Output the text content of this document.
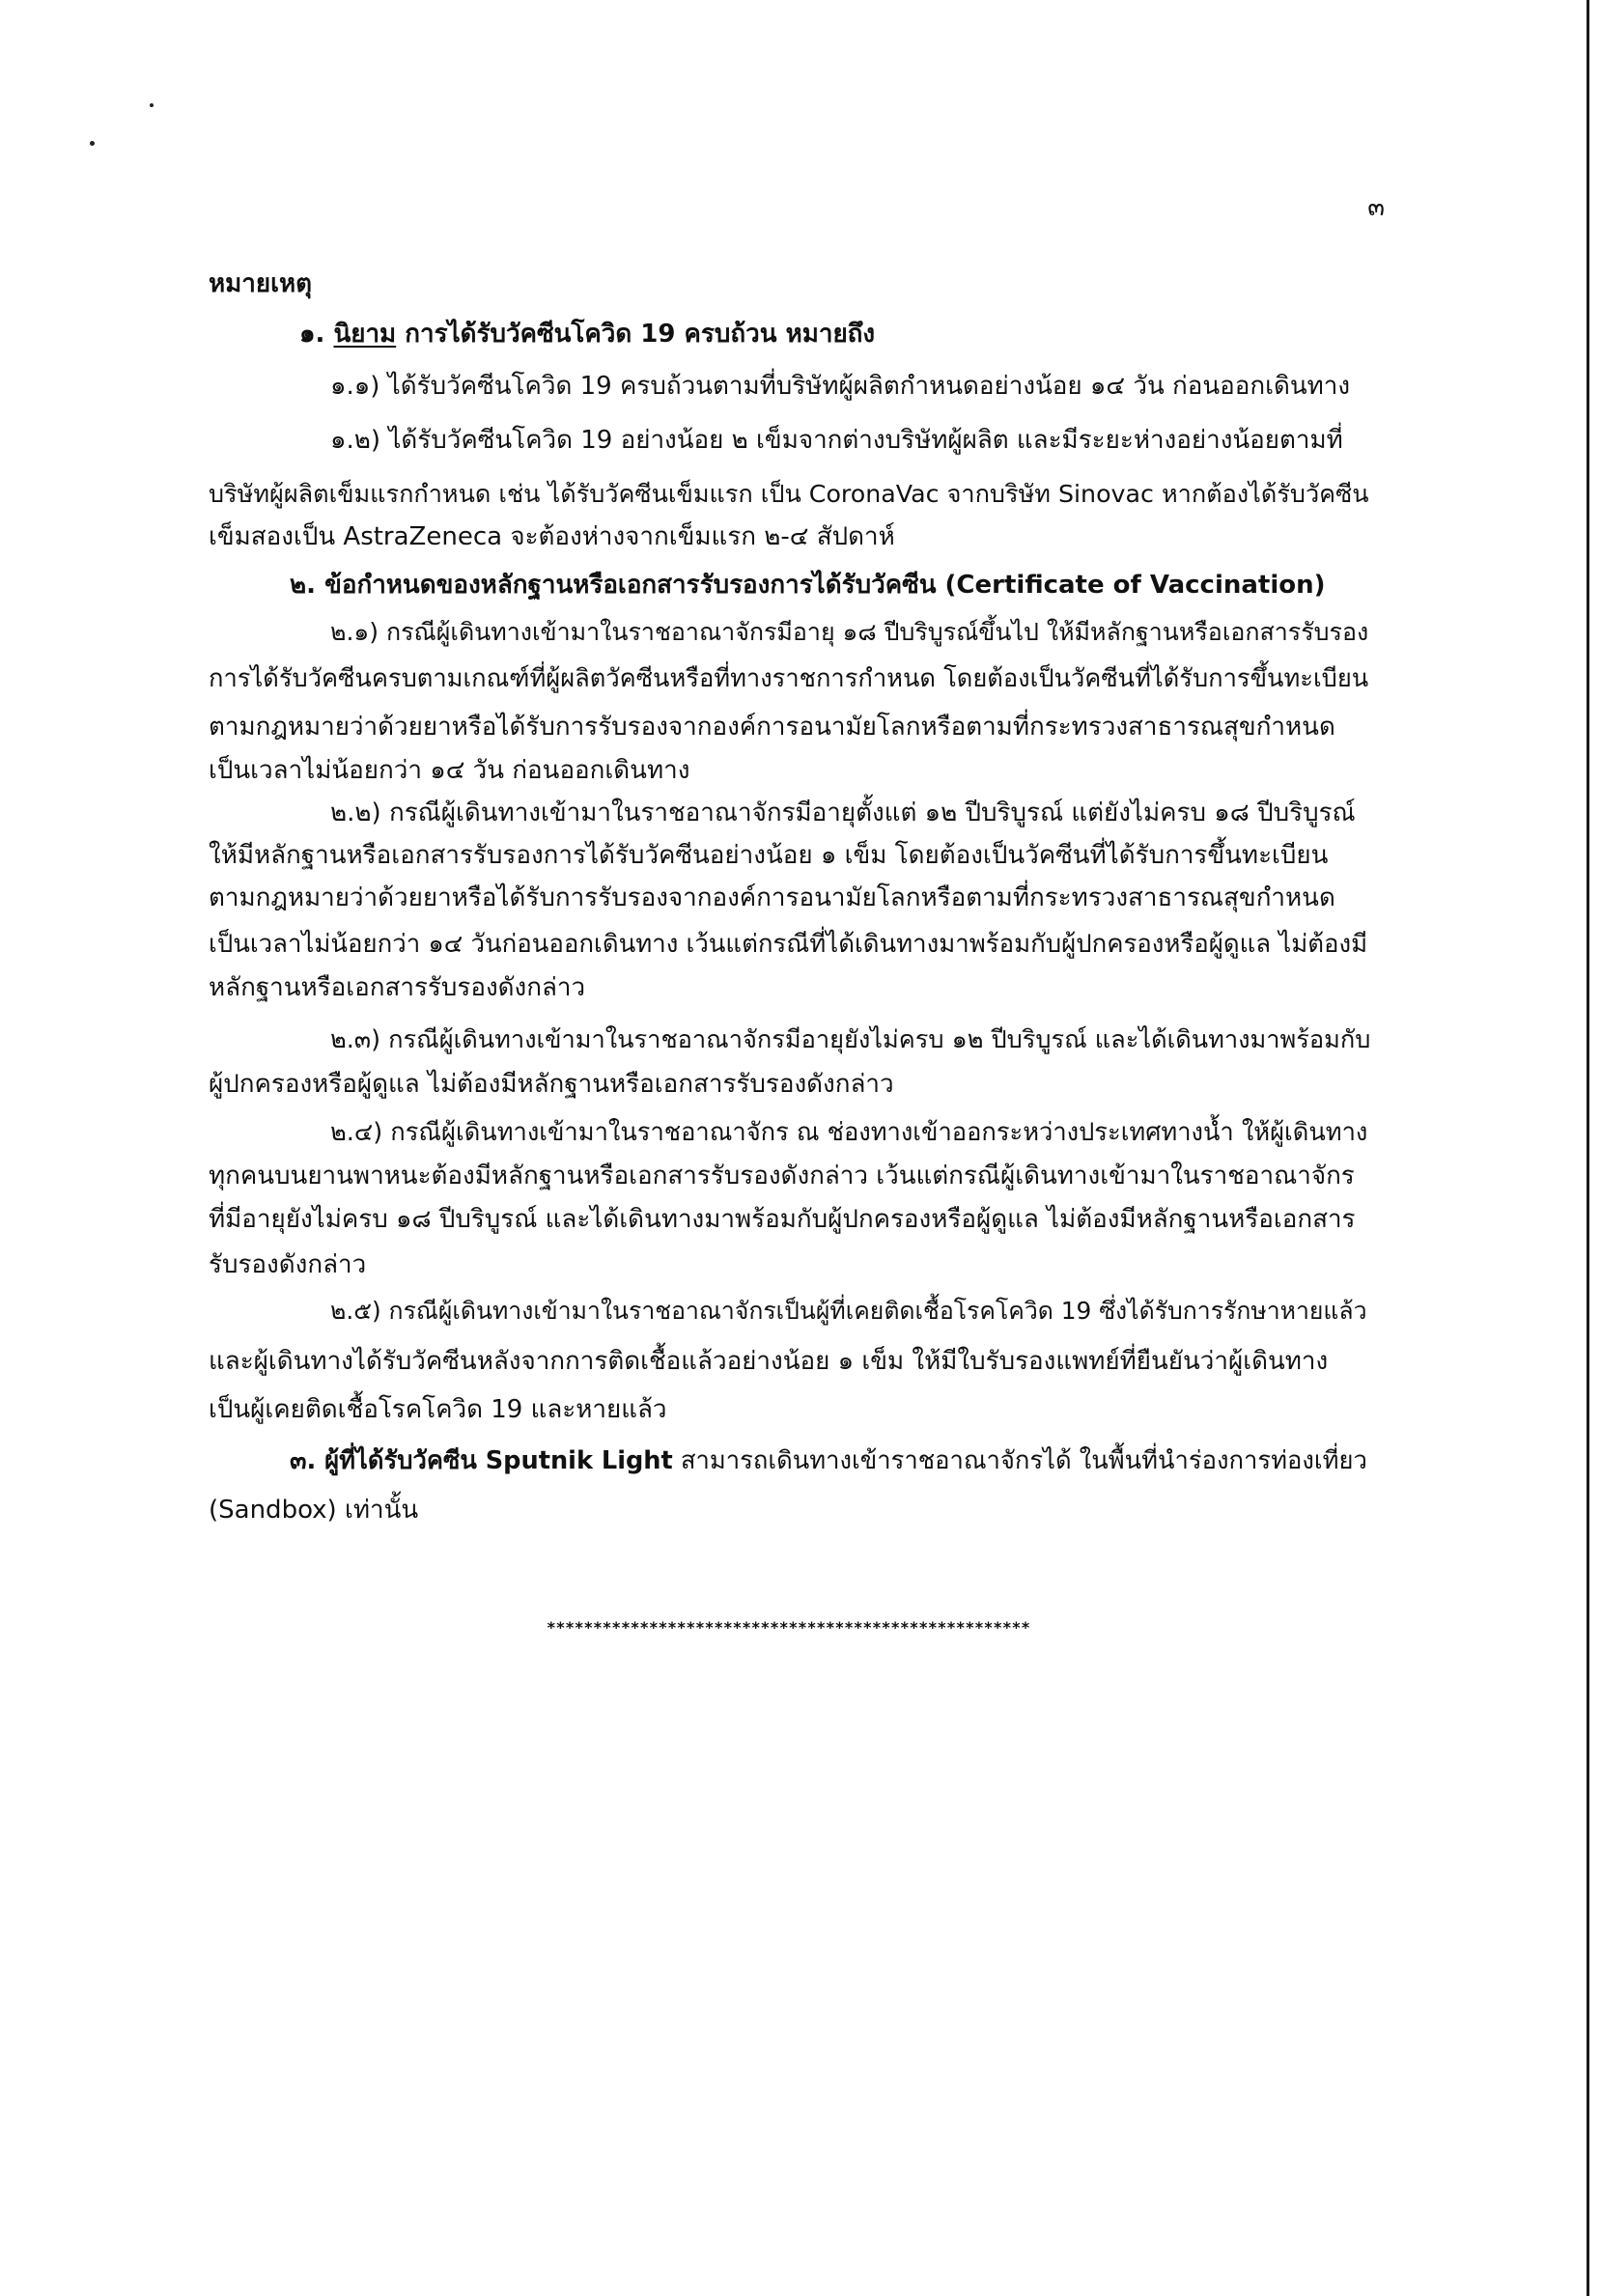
๓
หมายเหตุ
๑. นิยาม การได้รับวัคซีนโควิด 19 ครบถ้วน หมายถึง
๑.๑) ได้รับวัคซีนโควิด 19 ครบถ้วนตามที่บริษัทผู้ผลิตกำหนดอย่างน้อย ๑๔ วัน ก่อนออกเดินทาง
๑.๒) ได้รับวัคซีนโควิด 19 อย่างน้อย ๒ เข็มจากต่างบริษัทผู้ผลิต และมีระยะห่างอย่างน้อยตามที่
บริษัทผู้ผลิตเข็มแรกกำหนด เช่น ได้รับวัคซีนเข็มแรก เป็น CoronaVac จากบริษัท Sinovac หากต้องได้รับวัคซีน
เข็มสองเป็น AstraZeneca จะต้องห่างจากเข็มแรก ๒-๔ สัปดาห์
๒. ข้อกำหนดของหลักฐานหรือเอกสารรับรองการได้รับวัคซีน (Certificate of Vaccination)
๒.๑) กรณีผู้เดินทางเข้ามาในราชอาณาจักรมีอายุ ๑๘ ปีบริบูรณ์ขึ้นไป ให้มีหลักฐานหรือเอกสารรับรอง
การได้รับวัคซีนครบตามเกณฑ์ที่ผู้ผลิตวัคซีนหรือที่ทางราชการกำหนด โดยต้องเป็นวัคซีนที่ได้รับการขึ้นทะเบียน
ตามกฎหมายว่าด้วยยาหรือได้รับการรับรองจากองค์การอนามัยโลกหรือตามที่กระทรวงสาธารณสุขกำหนด
เป็นเวลาไม่น้อยกว่า ๑๔ วัน ก่อนออกเดินทาง
๒.๒) กรณีผู้เดินทางเข้ามาในราชอาณาจักรมีอายุตั้งแต่ ๑๒ ปีบริบูรณ์ แต่ยังไม่ครบ ๑๘ ปีบริบูรณ์
ให้มีหลักฐานหรือเอกสารรับรองการได้รับวัคซีนอย่างน้อย ๑ เข็ม โดยต้องเป็นวัคซีนที่ได้รับการขึ้นทะเบียน
ตามกฎหมายว่าด้วยยาหรือได้รับการรับรองจากองค์การอนามัยโลกหรือตามที่กระทรวงสาธารณสุขกำหนด
เป็นเวลาไม่น้อยกว่า ๑๔ วันก่อนออกเดินทาง เว้นแต่กรณีที่ได้เดินทางมาพร้อมกับผู้ปกครองหรือผู้ดูแล ไม่ต้องมี
หลักฐานหรือเอกสารรับรองดังกล่าว
๒.๓) กรณีผู้เดินทางเข้ามาในราชอาณาจักรมีอายุยังไม่ครบ ๑๒ ปีบริบูรณ์ และได้เดินทางมาพร้อมกับ
ผู้ปกครองหรือผู้ดูแล ไม่ต้องมีหลักฐานหรือเอกสารรับรองดังกล่าว
๒.๔) กรณีผู้เดินทางเข้ามาในราชอาณาจักร ณ ช่องทางเข้าออกระหว่างประเทศทางน้ำ ให้ผู้เดินทาง
ทุกคนบนยานพาหนะต้องมีหลักฐานหรือเอกสารรับรองดังกล่าว เว้นแต่กรณีผู้เดินทางเข้ามาในราชอาณาจักร
ที่มีอายุยังไม่ครบ ๑๘ ปีบริบูรณ์ และได้เดินทางมาพร้อมกับผู้ปกครองหรือผู้ดูแล ไม่ต้องมีหลักฐานหรือเอกสาร
รับรองดังกล่าว
๒.๕) กรณีผู้เดินทางเข้ามาในราชอาณาจักรเป็นผู้ที่เคยติดเชื้อโรคโควิด 19 ซึ่งได้รับการรักษาหายแล้ว
และผู้เดินทางได้รับวัคซีนหลังจากการติดเชื้อแล้วอย่างน้อย ๑ เข็ม ให้มีใบรับรองแพทย์ที่ยืนยันว่าผู้เดินทาง
เป็นผู้เคยติดเชื้อโรคโควิด 19 และหายแล้ว
๓. ผู้ที่ได้รับวัคซีน Sputnik Light สามารถเดินทางเข้าราชอาณาจักรได้ ในพื้นที่นำร่องการท่องเที่ยว
(Sandbox) เท่านั้น
****************************************************
